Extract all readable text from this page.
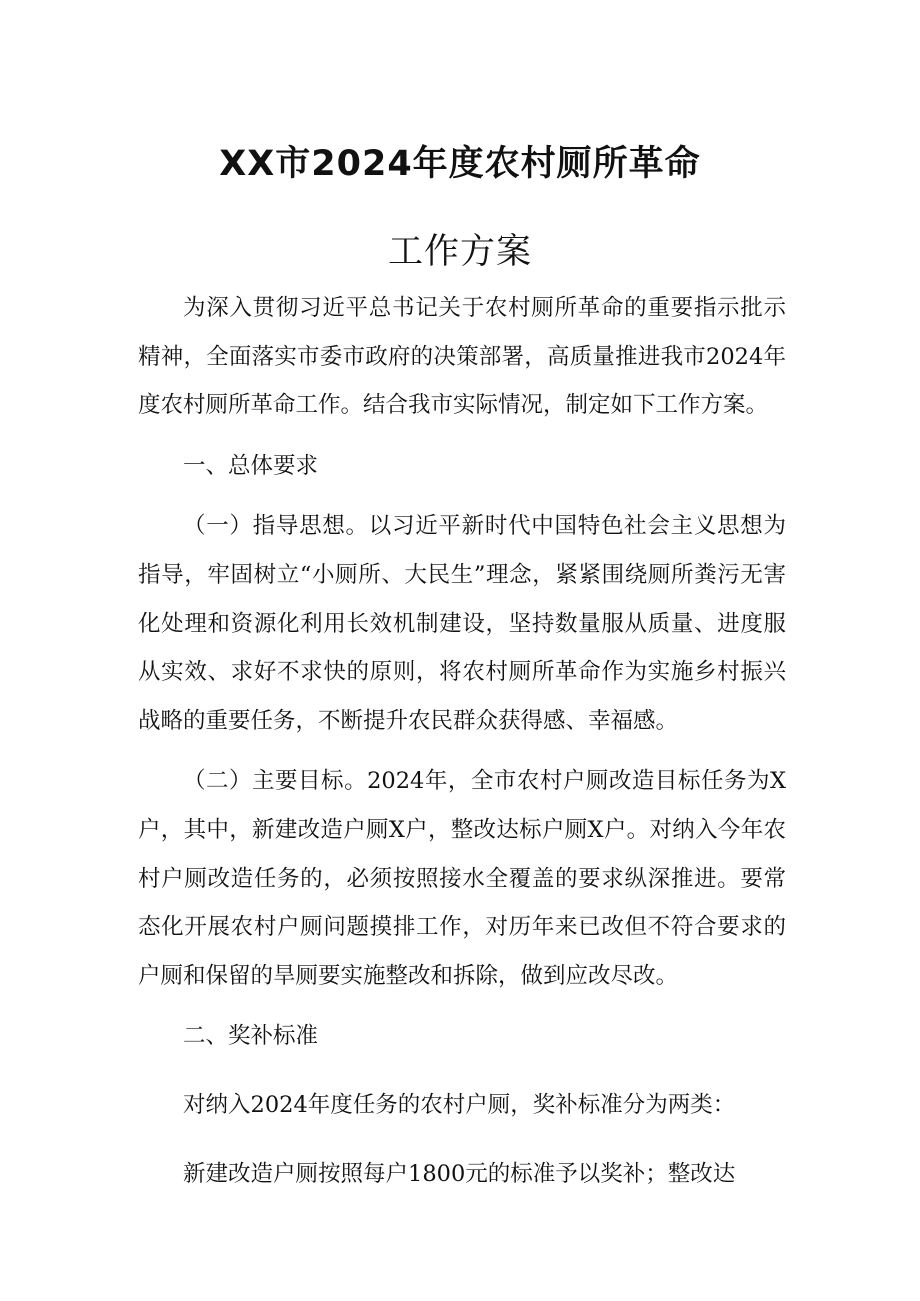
XX市2024年度农村厕所革命
工作方案

为深入贯彻习近平总书记关于农村厕所革命的重要指示批示精神，全面落实市委市政府的决策部署，高质量推进我市2024年度农村厕所革命工作。结合我市实际情况，制定如下工作方案。

一、总体要求

（一）指导思想。以习近平新时代中国特色社会主义思想为指导，牢固树立“小厕所、大民生”理念，紧紧围绕厕所粪污无害化处理和资源化利用长效机制建设，坚持数量服从质量、进度服从实效、求好不求快的原则，将农村厕所革命作为实施乡村振兴战略的重要任务，不断提升农民群众获得感、幸福感。

（二）主要目标。2024年，全市农村户厕改造目标任务为X户，其中，新建改造户厕X户，整改达标户厕X户。对纳入今年农村户厕改造任务的，必须按照接水全覆盖的要求纵深推进。要常态化开展农村户厕问题摸排工作，对历年来已改但不符合要求的户厕和保留的旱厕要实施整改和拆除，做到应改尽改。

二、奖补标准

对纳入2024年度任务的农村户厕，奖补标准分为两类：

新建改造户厕按照每户1800元的标准予以奖补；整改达
